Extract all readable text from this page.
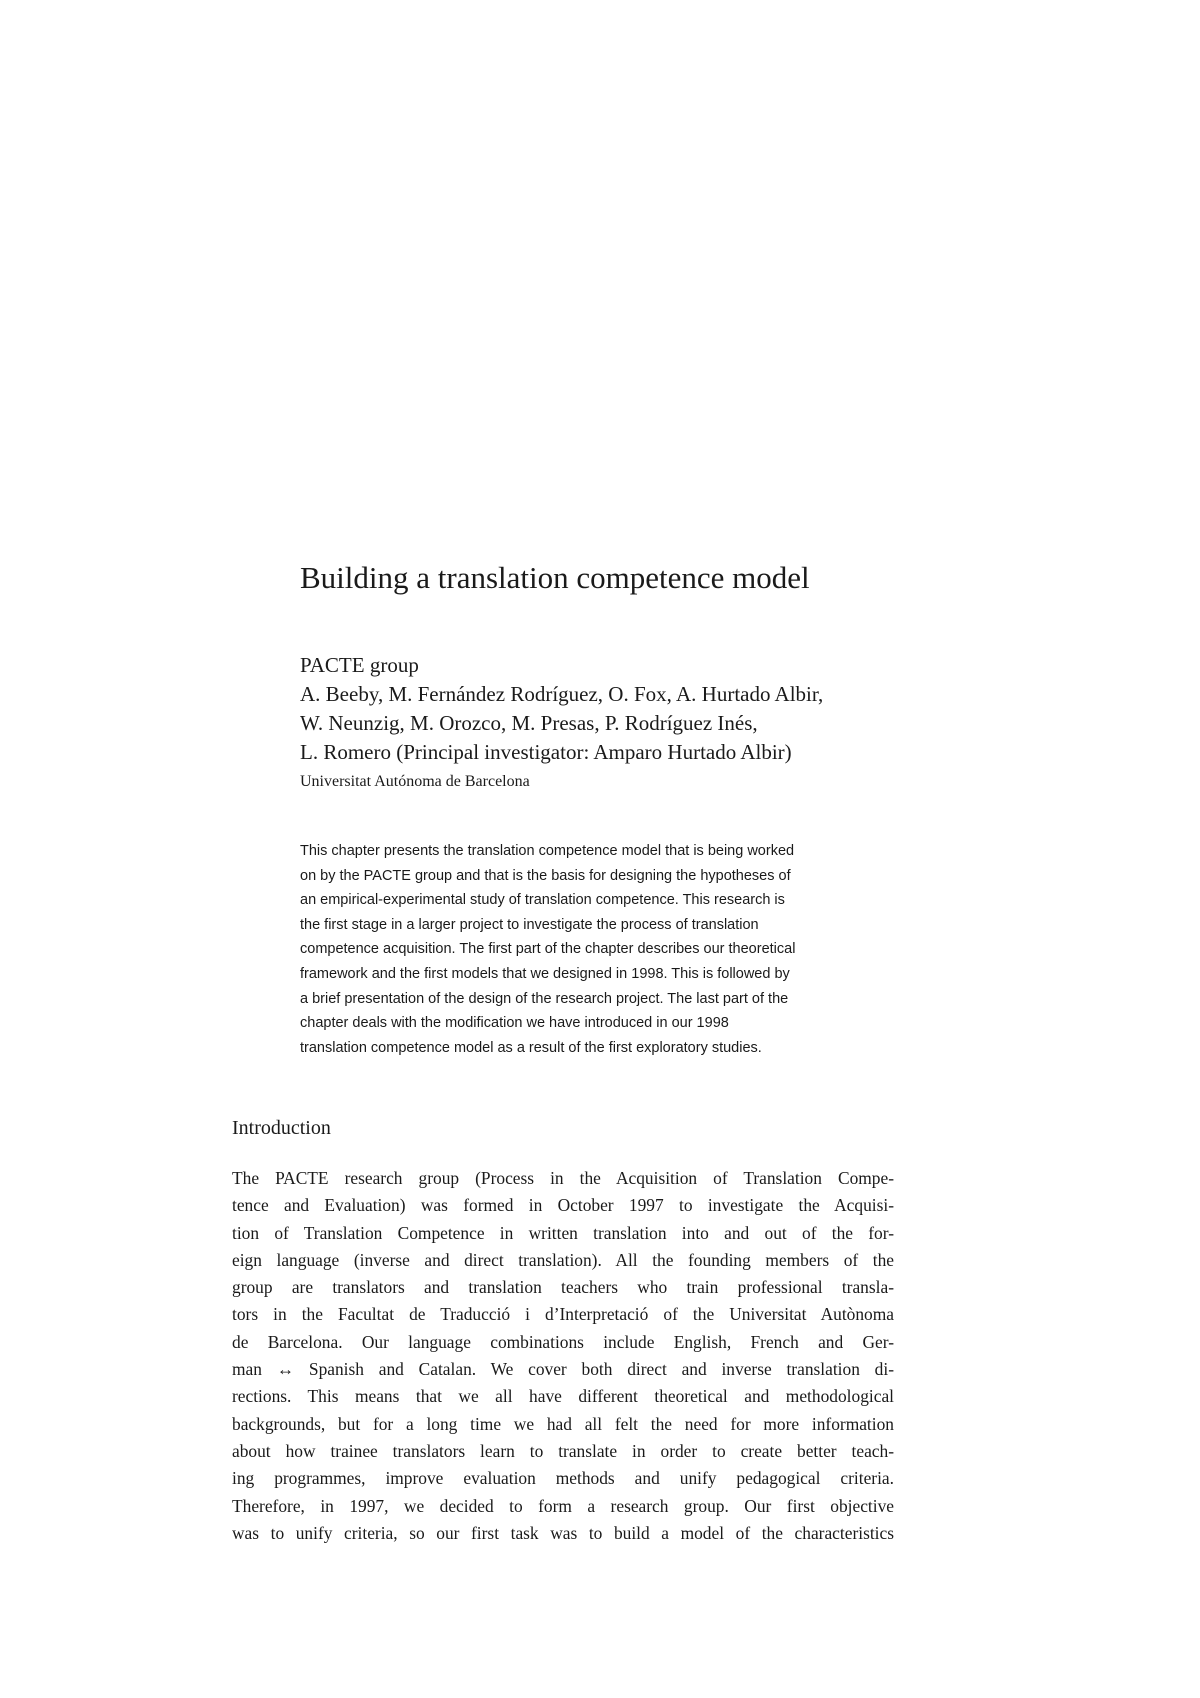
Building a translation competence model
PACTE group
A. Beeby, M. Fernández Rodríguez, O. Fox, A. Hurtado Albir,
W. Neunzig, M. Orozco, M. Presas, P. Rodríguez Inés,
L. Romero (Principal investigator: Amparo Hurtado Albir)
Universitat Autónoma de Barcelona
This chapter presents the translation competence model that is being worked
on by the PACTE group and that is the basis for designing the hypotheses of
an empirical-experimental study of translation competence. This research is
the first stage in a larger project to investigate the process of translation
competence acquisition. The first part of the chapter describes our theoretical
framework and the first models that we designed in 1998. This is followed by
a brief presentation of the design of the research project. The last part of the
chapter deals with the modification we have introduced in our 1998
translation competence model as a result of the first exploratory studies.
Introduction
The PACTE research group (Process in the Acquisition of Translation Compe-
tence and Evaluation) was formed in October 1997 to investigate the Acquisi-
tion of Translation Competence in written translation into and out of the for-
eign language (inverse and direct translation). All the founding members of the
group are translators and translation teachers who train professional transla-
tors in the Facultat de Traducció i d’Interpretació of the Universitat Autònoma
de Barcelona. Our language combinations include English, French and Ger-
man ↔ Spanish and Catalan. We cover both direct and inverse translation di-
rections. This means that we all have different theoretical and methodological
backgrounds, but for a long time we had all felt the need for more information
about how trainee translators learn to translate in order to create better teach-
ing programmes, improve evaluation methods and unify pedagogical criteria.
Therefore, in 1997, we decided to form a research group. Our first objective
was to unify criteria, so our first task was to build a model of the characteristics
